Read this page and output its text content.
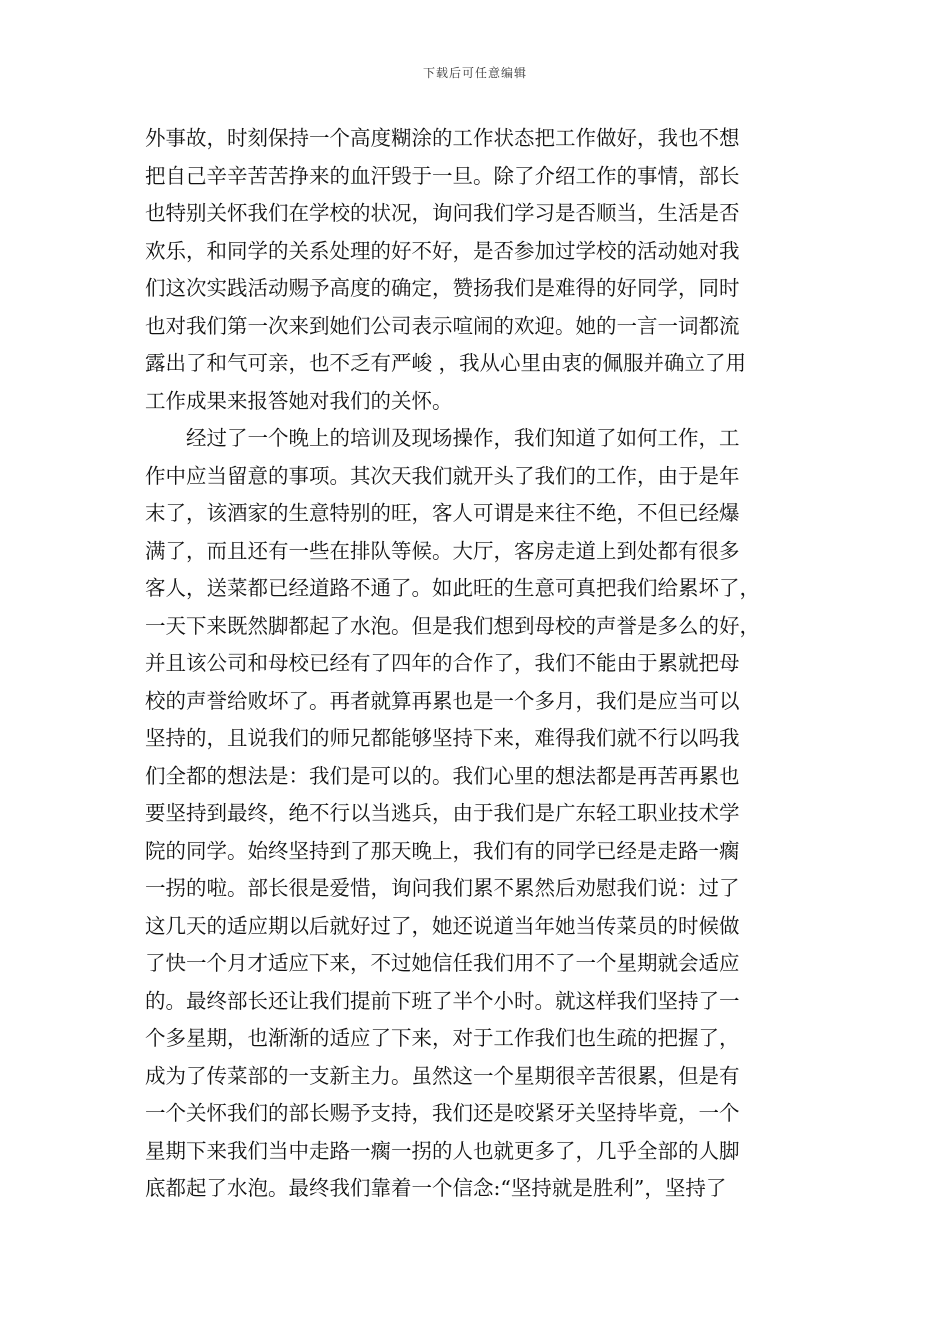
下载后可任意编辑
外事故，时刻保持一个高度糊涂的工作状态把工作做好，我也不想
把自己辛辛苦苦挣来的血汗毁于一旦。除了介绍工作的事情，部长
也特别关怀我们在学校的状况，询问我们学习是否顺当，生活是否
欢乐，和同学的关系处理的好不好，是否参加过学校的活动她对我
们这次实践活动赐予高度的确定，赞扬我们是难得的好同学，同时
也对我们第一次来到她们公司表示喧闹的欢迎。她的一言一词都流
露出了和气可亲，也不乏有严峻 ，我从心里由衷的佩服并确立了用
工作成果来报答她对我们的关怀。
　　经过了一个晚上的培训及现场操作，我们知道了如何工作，工
作中应当留意的事项。其次天我们就开头了我们的工作，由于是年
末了，该酒家的生意特别的旺，客人可谓是来往不绝，不但已经爆
满了，而且还有一些在排队等候。大厅，客房走道上到处都有很多
客人，送菜都已经道路不通了。如此旺的生意可真把我们给累坏了，
一天下来既然脚都起了水泡。但是我们想到母校的声誉是多么的好，
并且该公司和母校已经有了四年的合作了，我们不能由于累就把母
校的声誉给败坏了。再者就算再累也是一个多月，我们是应当可以
坚持的，且说我们的师兄都能够坚持下来，难得我们就不行以吗我
们全都的想法是：我们是可以的。我们心里的想法都是再苦再累也
要坚持到最终，绝不行以当逃兵，由于我们是广东轻工职业技术学
院的同学。始终坚持到了那天晚上，我们有的同学已经是走路一瘸
一拐的啦。部长很是爱惜，询问我们累不累然后劝慰我们说：过了
这几天的适应期以后就好过了，她还说道当年她当传菜员的时候做
了快一个月才适应下来，不过她信任我们用不了一个星期就会适应
的。最终部长还让我们提前下班了半个小时。就这样我们坚持了一
个多星期，也渐渐的适应了下来，对于工作我们也生疏的把握了，
成为了传菜部的一支新主力。虽然这一个星期很辛苦很累，但是有
一个关怀我们的部长赐予支持，我们还是咬紧牙关坚持毕竟，一个
星期下来我们当中走路一瘸一拐的人也就更多了，几乎全部的人脚
底都起了水泡。最终我们靠着一个信念:“坚持就是胜利”，坚持了
